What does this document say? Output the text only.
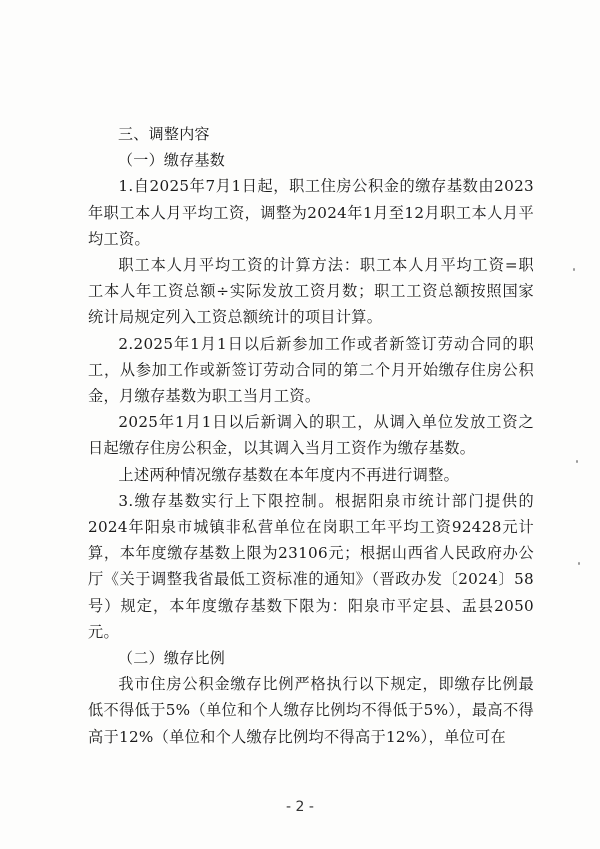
三、调整内容

（一）缴存基数

1.自2025年7月1日起，职工住房公积金的缴存基数由2023年职工本人月平均工资，调整为2024年1月至12月职工本人月平均工资。

职工本人月平均工资的计算方法：职工本人月平均工资=职工本人年工资总额÷实际发放工资月数；职工工资总额按照国家统计局规定列入工资总额统计的项目计算。

2.2025年1月1日以后新参加工作或者新签订劳动合同的职工，从参加工作或新签订劳动合同的第二个月开始缴存住房公积金，月缴存基数为职工当月工资。

2025年1月1日以后新调入的职工，从调入单位发放工资之日起缴存住房公积金，以其调入当月工资作为缴存基数。

上述两种情况缴存基数在本年度内不再进行调整。

3.缴存基数实行上下限控制。根据阳泉市统计部门提供的2024年阳泉市城镇非私营单位在岗职工年平均工资92428元计算，本年度缴存基数上限为23106元；根据山西省人民政府办公厅《关于调整我省最低工资标准的通知》（晋政办发〔2024〕58号）规定，本年度缴存基数下限为：阳泉市平定县、盂县2050元。

（二）缴存比例

我市住房公积金缴存比例严格执行以下规定，即缴存比例最低不得低于5%（单位和个人缴存比例均不得低于5%），最高不得高于12%（单位和个人缴存比例均不得高于12%），单位可在

- 2 -
